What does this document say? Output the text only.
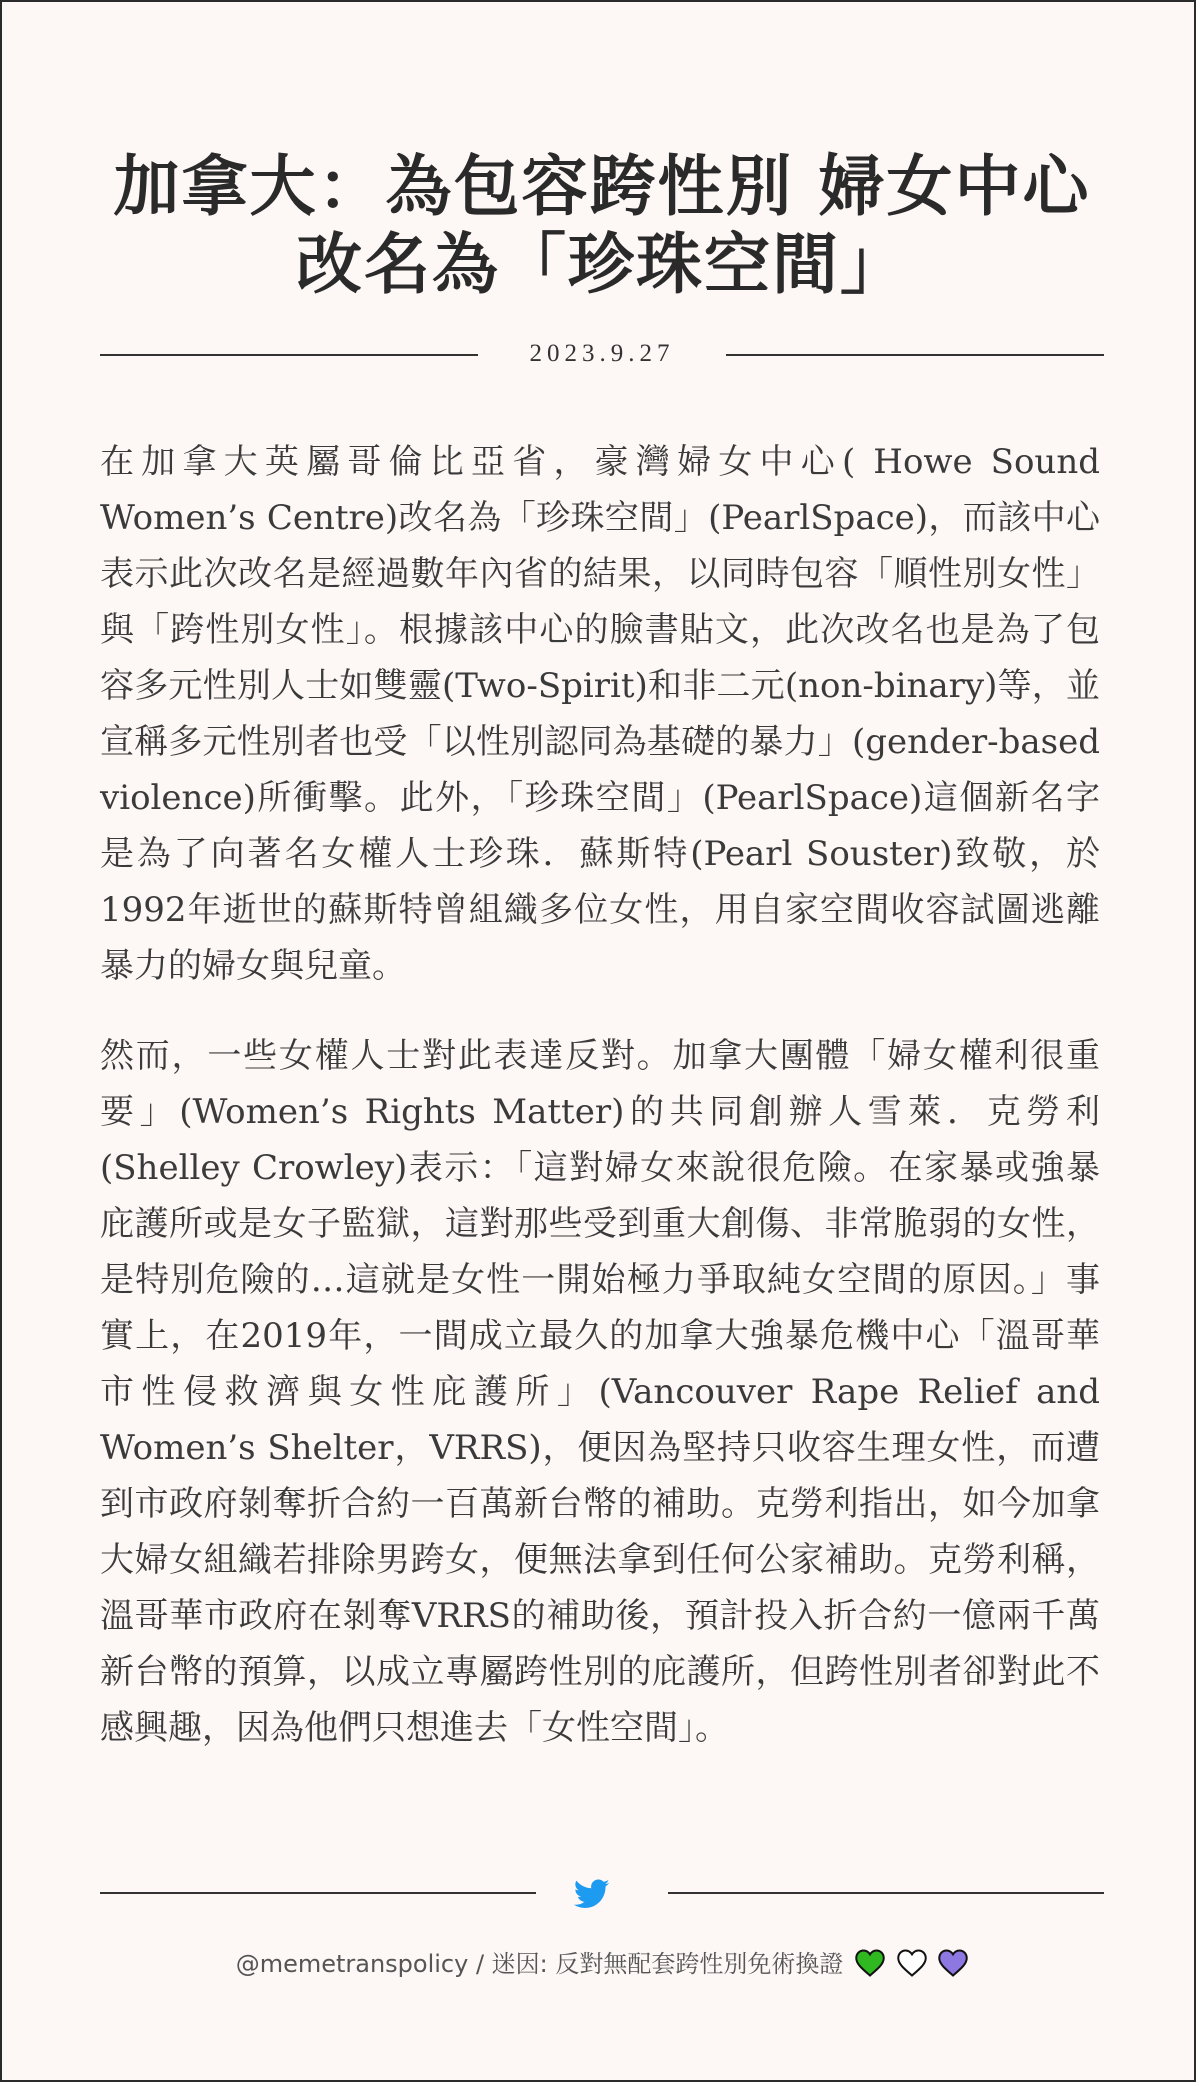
加拿大：為包容跨性別 婦女中心改名為「珍珠空間」
2023.9.27

在加拿大英屬哥倫比亞省，豪灣婦女中心( Howe Sound Women’s Centre)改名為「珍珠空間」(PearlSpace)，而該中心表示此次改名是經過數年內省的結果，以同時包容「順性別女性」與「跨性別女性」。根據該中心的臉書貼文，此次改名也是為了包容多元性別人士如雙靈(Two-Spirit)和非二元(non-binary)等，並宣稱多元性別者也受「以性別認同為基礎的暴力」(gender-based violence)所衝擊。此外，「珍珠空間」(PearlSpace)這個新名字是為了向著名女權人士珍珠．蘇斯特(Pearl Souster)致敬，於1992年逝世的蘇斯特曾組織多位女性，用自家空間收容試圖逃離暴力的婦女與兒童。

然而，一些女權人士對此表達反對。加拿大團體「婦女權利很重要」(Women’s Rights Matter)的共同創辦人雪萊．克勞利(Shelley Crowley)表示：「這對婦女來說很危險。在家暴或強暴庇護所或是女子監獄，這對那些受到重大創傷、非常脆弱的女性，是特別危險的…這就是女性一開始極力爭取純女空間的原因。」事實上，在2019年，一間成立最久的加拿大強暴危機中心「溫哥華市性侵救濟與女性庇護所」(Vancouver Rape Relief and Women’s Shelter，VRRS)，便因為堅持只收容生理女性，而遭到市政府剝奪折合約一百萬新台幣的補助。克勞利指出，如今加拿大婦女組織若排除男跨女，便無法拿到任何公家補助。克勞利稱，溫哥華市政府在剝奪VRRS的補助後，預計投入折合約一億兩千萬新台幣的預算，以成立專屬跨性別的庇護所，但跨性別者卻對此不感興趣，因為他們只想進去「女性空間」。

@memetranspolicy / 迷因: 反對無配套跨性別免術換證
